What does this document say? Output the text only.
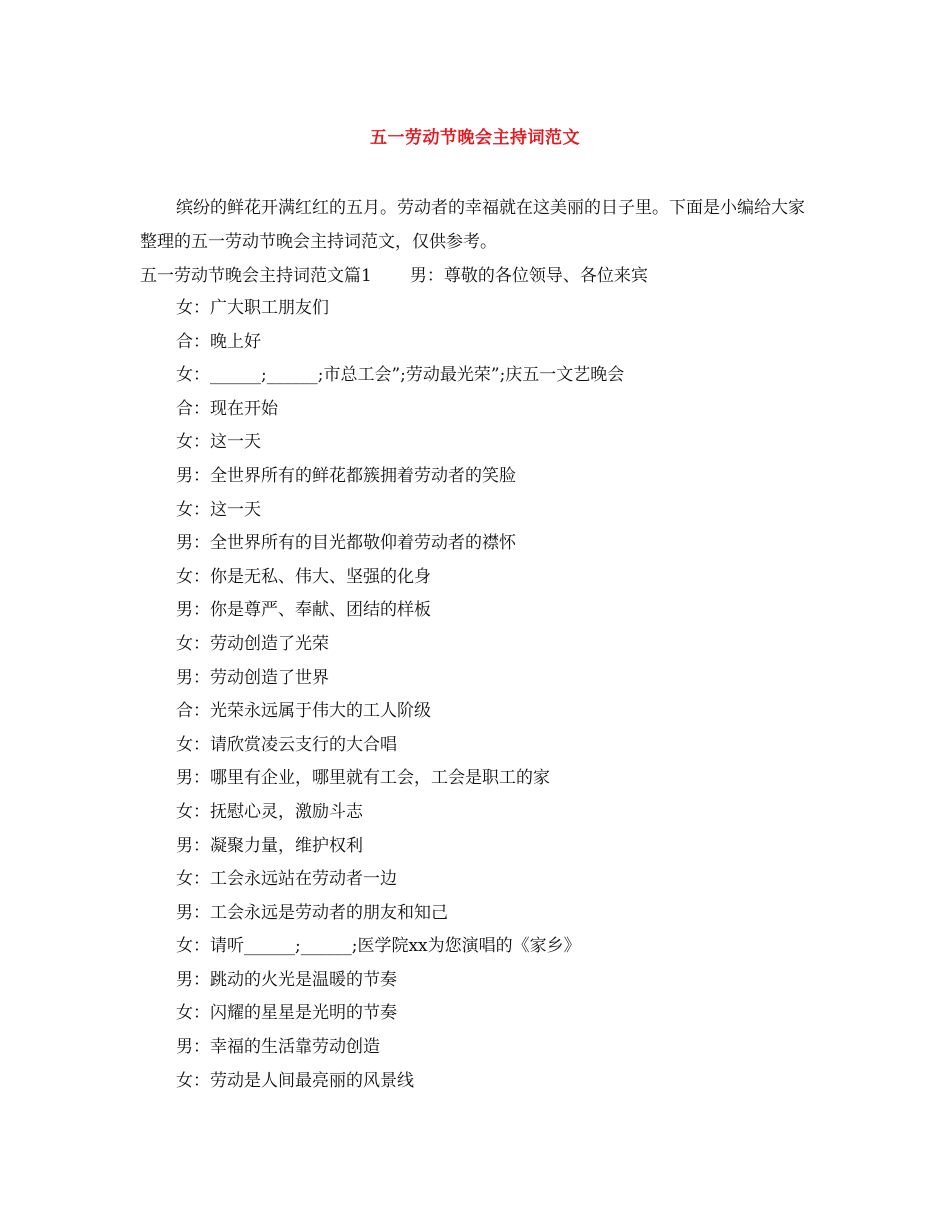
五一劳动节晚会主持词范文

缤纷的鲜花开满红红的五月。劳动者的幸福就在这美丽的日子里。下面是小编给大家整理的五一劳动节晚会主持词范文，仅供参考。

五一劳动节晚会主持词范文篇1 男：尊敬的各位领导、各位来宾
女：广大职工朋友们
合：晚上好
女：______;______;市总工会”;劳动最光荣”;庆五一文艺晚会
合：现在开始
女：这一天
男：全世界所有的鲜花都簇拥着劳动者的笑脸
女：这一天
男：全世界所有的目光都敬仰着劳动者的襟怀
女：你是无私、伟大、坚强的化身
男：你是尊严、奉献、团结的样板
女：劳动创造了光荣
男：劳动创造了世界
合：光荣永远属于伟大的工人阶级
女：请欣赏凌云支行的大合唱
男：哪里有企业，哪里就有工会，工会是职工的家
女：抚慰心灵，激励斗志
男：凝聚力量，维护权利
女：工会永远站在劳动者一边
男：工会永远是劳动者的朋友和知己
女：请听______;______;医学院xx为您演唱的《家乡》
男：跳动的火光是温暖的节奏
女：闪耀的星星是光明的节奏
男：幸福的生活靠劳动创造
女：劳动是人间最亮丽的风景线
